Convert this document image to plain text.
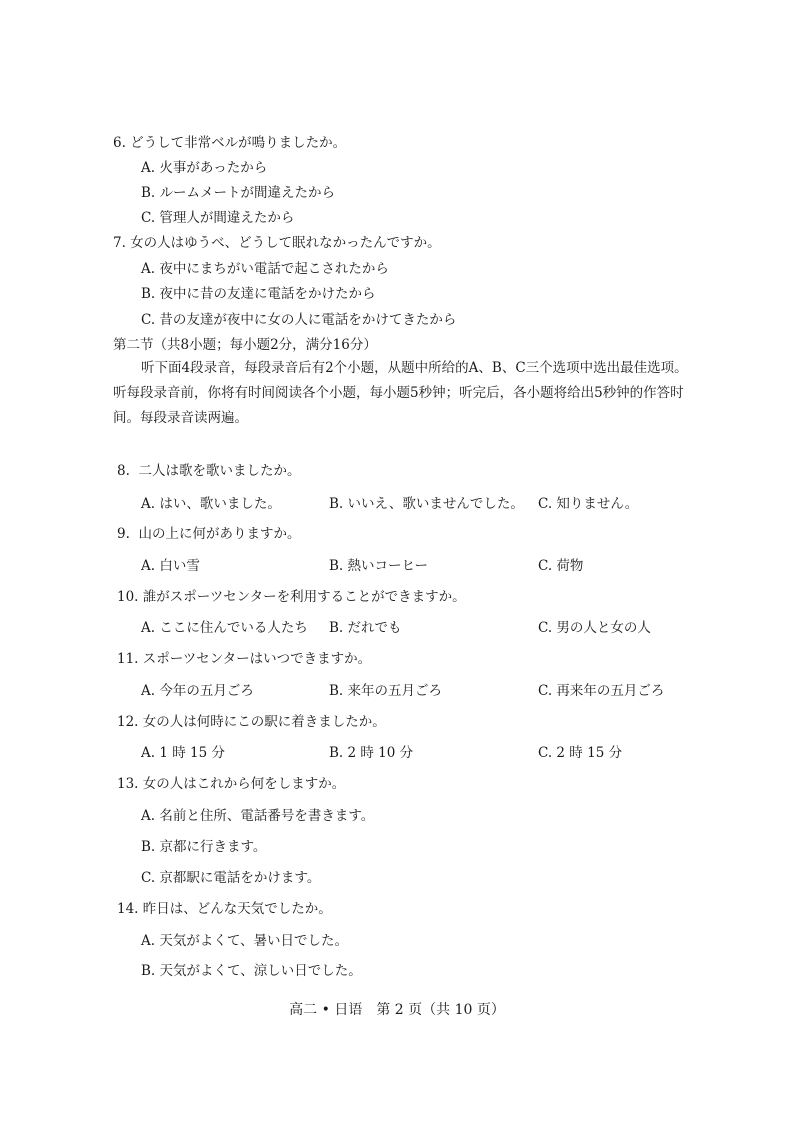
6. どうして非常ベルが鳴りましたか。
A. 火事があったから
B. ルームメートが間違えたから
C. 管理人が間違えたから
7. 女の人はゆうべ、どうして眠れなかったんですか。
A. 夜中にまちがい電話で起こされたから
B. 夜中に昔の友達に電話をかけたから
C. 昔の友達が夜中に女の人に電話をかけてきたから
第二节（共8小题；每小题2分，满分16分）
听下面4段录音，每段录音后有2个小题，从题中所给的A、B、C三个选项中选出最佳选项。听每段录音前，你将有时间阅读各个小题，每小题5秒钟；听完后，各小题将给出5秒钟的作答时间。每段录音读两遍。
8.  二人は歌を歌いましたか。
A. はい、歌いました。	B. いいえ、歌いませんでした。 C. 知りません。
9.  山の上に何がありますか。
A. 白い雪	B. 熱いコーヒー	C. 荷物
10. 誰がスポーツセンターを利用することができますか。
A. ここに住んでいる人たち B. だれでも	C. 男の人と女の人
11. スポーツセンターはいつできますか。
A. 今年の五月ごろ	B. 来年の五月ごろ	C. 再来年の五月ごろ
12. 女の人は何時にこの駅に着きましたか。
A. 1 時 15 分	B. 2 時 10 分	C. 2 時 15 分
13. 女の人はこれから何をしますか。
A. 名前と住所、電話番号を書きます。
B. 京都に行きます。
C. 京都駅に電話をかけます。
14. 昨日は、どんな天気でしたか。
A. 天気がよくて、暑い日でした。
B. 天気がよくて、涼しい日でした。
高二 • 日语　第 2 页（共 10 页）
